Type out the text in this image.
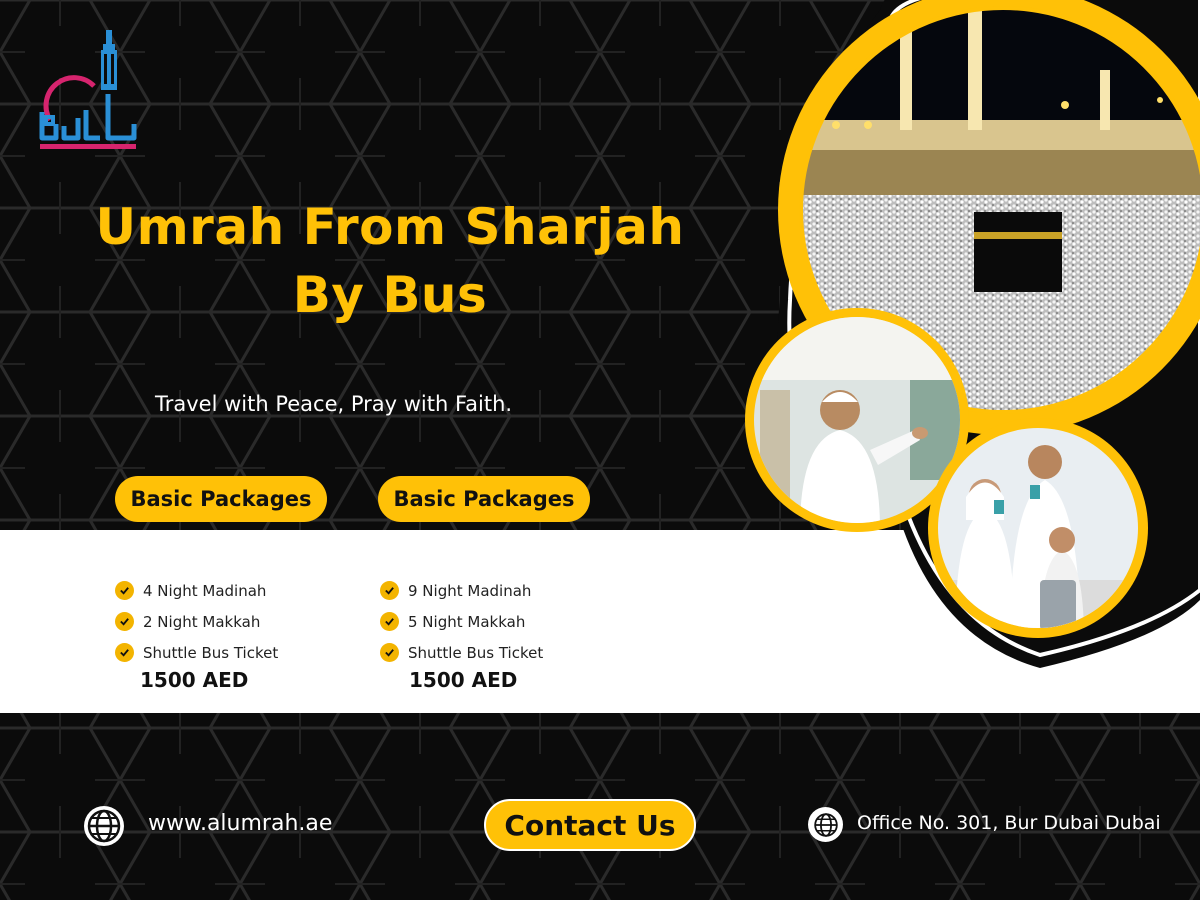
Umrah From Sharjah
By Bus
Travel with Peace, Pray with Faith.
Basic Packages	Basic Packages
4 Night Madinah
2 Night Makkah
Shuttle Bus Ticket
1500 AED
9 Night Madinah
5 Night Makkah
Shuttle Bus Ticket
1500 AED
www.alumrah.ae	Contact Us	Office No. 301, Bur Dubai Dubai
